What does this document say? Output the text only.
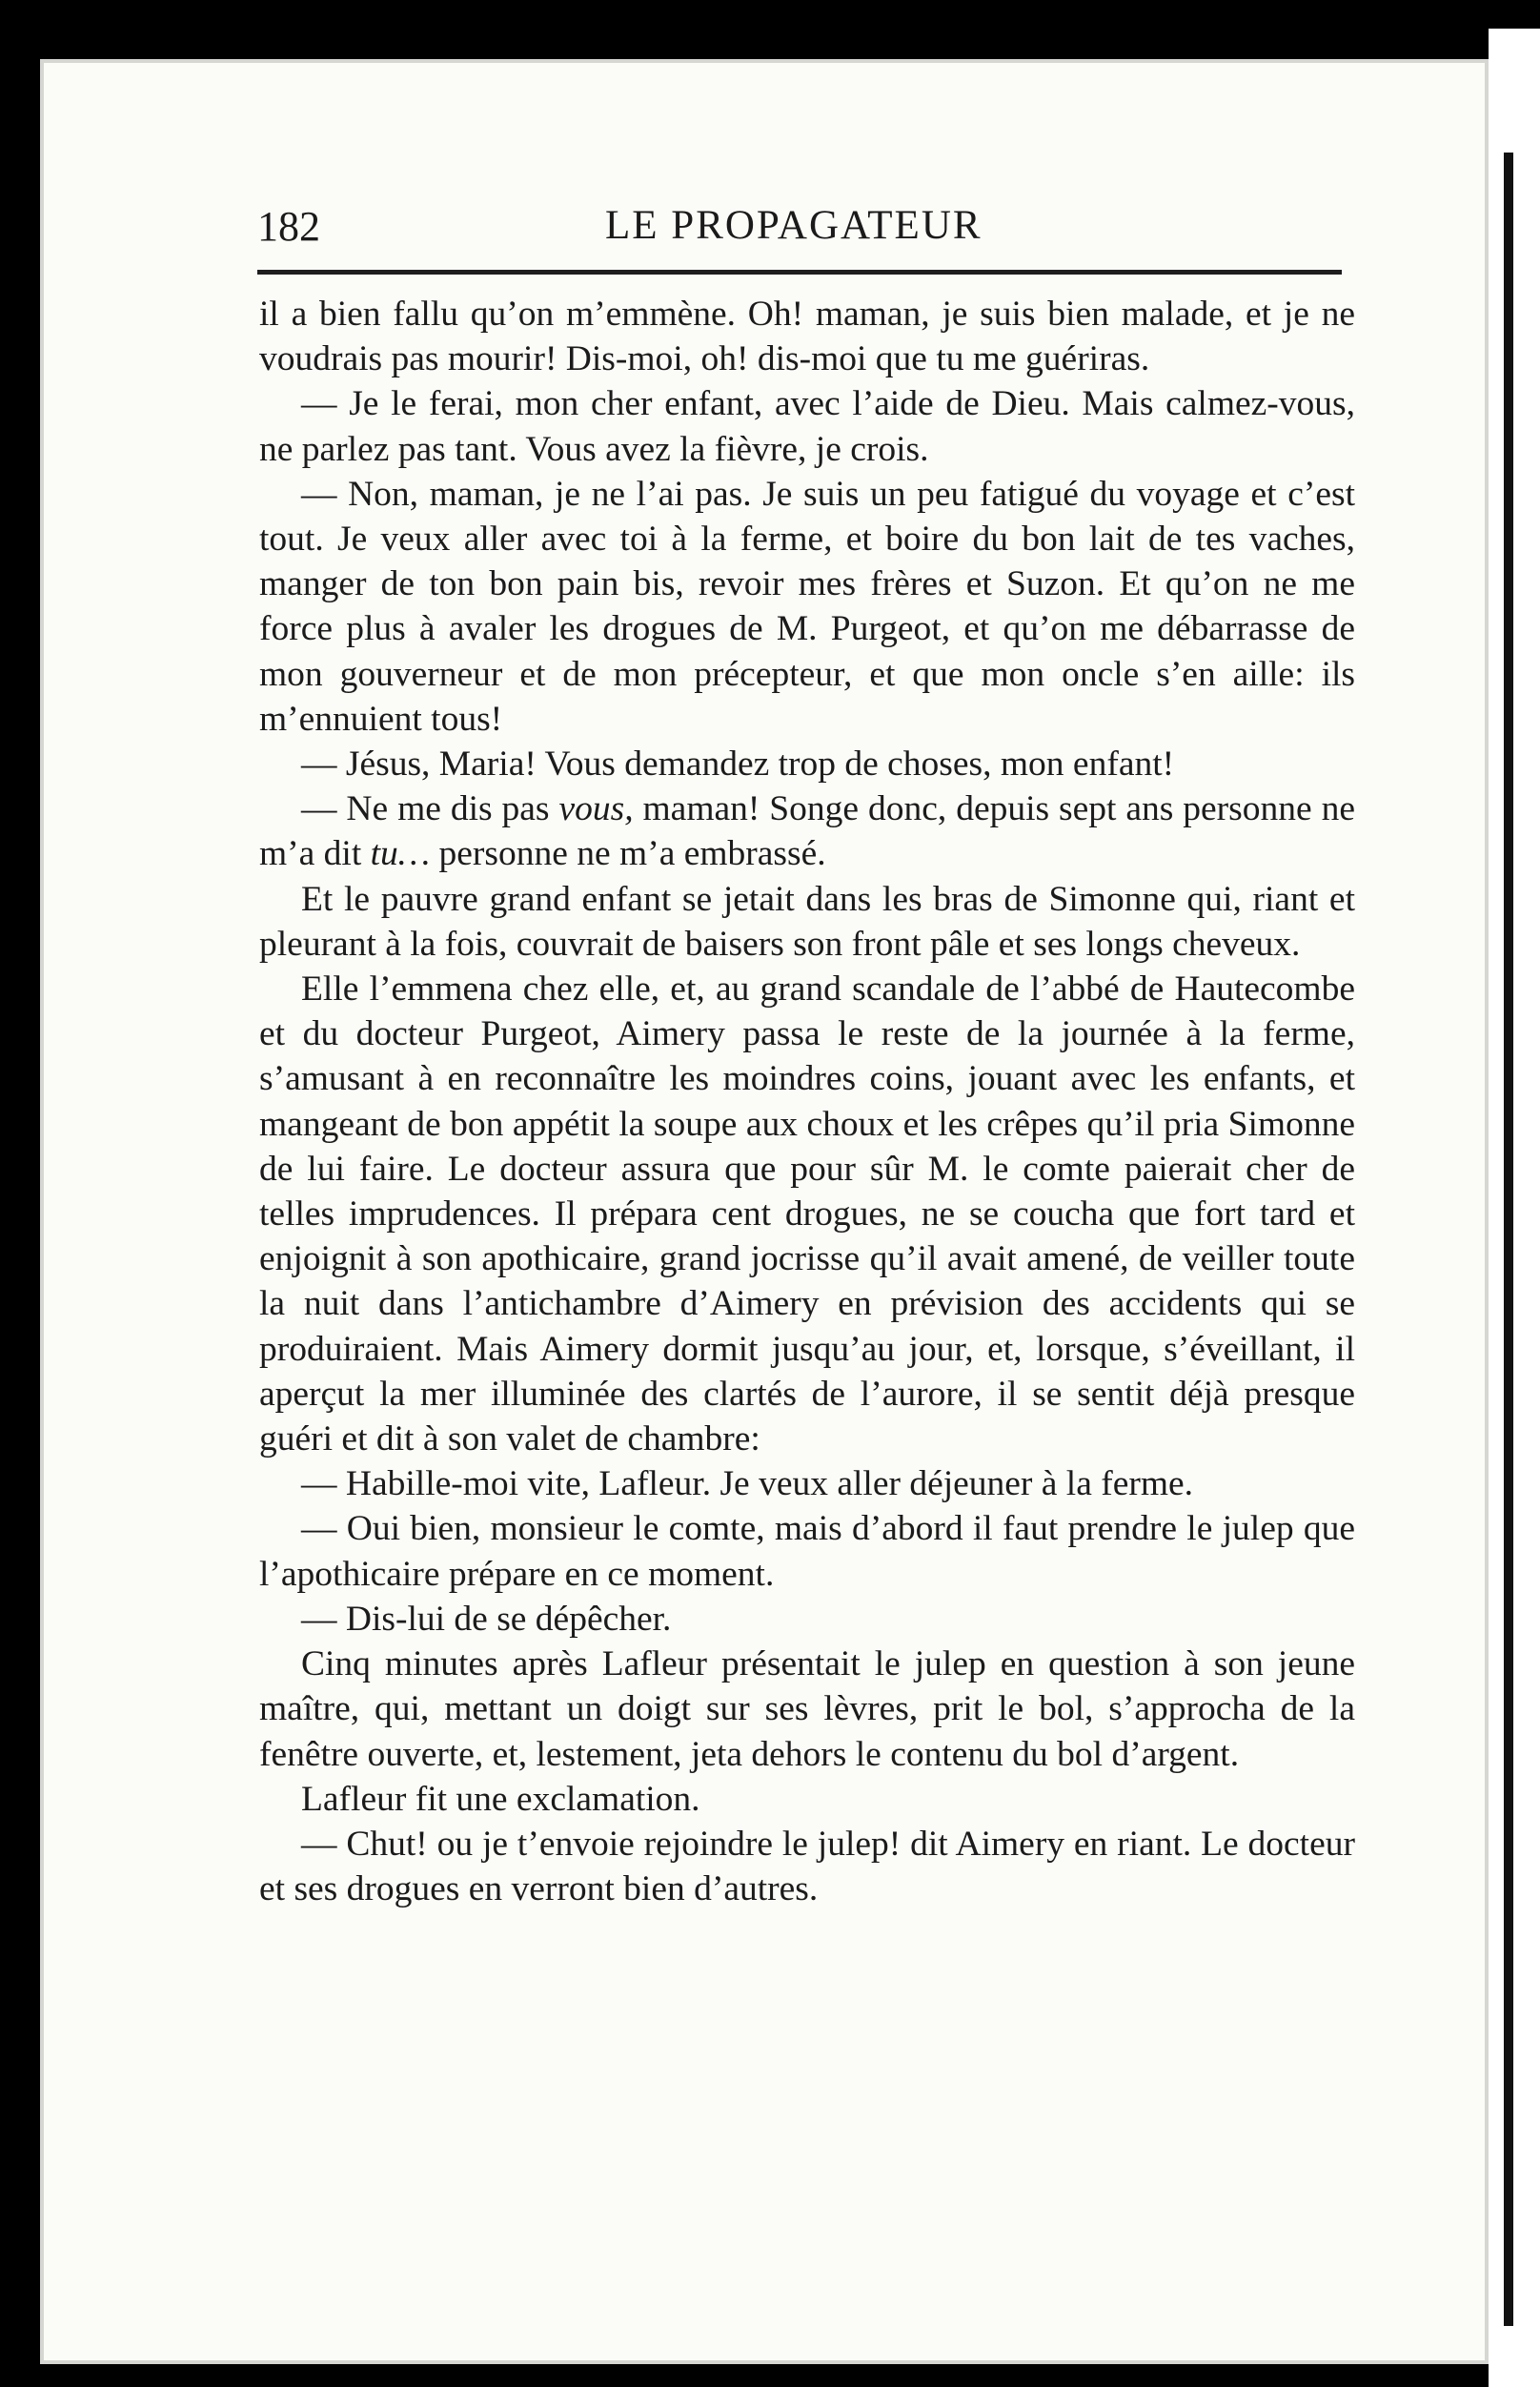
182	LE PROPAGATEUR

il a bien fallu qu’on m’emmène. Oh! maman, je suis bien malade, et je ne voudrais pas mourir! Dis-moi, oh! dis-moi que tu me guériras.

— Je le ferai, mon cher enfant, avec l’aide de Dieu. Mais calmez-vous, ne parlez pas tant. Vous avez la fièvre, je crois.

— Non, maman, je ne l’ai pas. Je suis un peu fatigué du voyage et c’est tout. Je veux aller avec toi à la ferme, et boire du bon lait de tes vaches, manger de ton bon pain bis, revoir mes frères et Suzon. Et qu’on ne me force plus à avaler les drogues de M. Purgeot, et qu’on me débarrasse de mon gouverneur et de mon précepteur, et que mon oncle s’en aille: ils m’ennuient tous!

— Jésus, Maria! Vous demandez trop de choses, mon enfant!

— Ne me dis pas vous, maman! Songe donc, depuis sept ans personne ne m’a dit tu… personne ne m’a embrassé.

Et le pauvre grand enfant se jetait dans les bras de Simonne qui, riant et pleurant à la fois, couvrait de baisers son front pâle et ses longs cheveux.

Elle l’emmena chez elle, et, au grand scandale de l’abbé de Hautecombe et du docteur Purgeot, Aimery passa le reste de la journée à la ferme, s’amusant à en reconnaître les moindres coins, jouant avec les enfants, et mangeant de bon appétit la soupe aux choux et les crêpes qu’il pria Simonne de lui faire. Le docteur assura que pour sûr M. le comte paierait cher de telles imprudences. Il prépara cent drogues, ne se coucha que fort tard et enjoignit à son apothicaire, grand jocrisse qu’il avait amené, de veiller toute la nuit dans l’antichambre d’Aimery en prévision des accidents qui se produiraient. Mais Aimery dormit jusqu’au jour, et, lorsque, s’éveillant, il aperçut la mer illuminée des clartés de l’aurore, il se sentit déjà presque guéri et dit à son valet de chambre:

— Habille-moi vite, Lafleur. Je veux aller déjeuner à la ferme.

— Oui bien, monsieur le comte, mais d’abord il faut prendre le julep que l’apothicaire prépare en ce moment.

— Dis-lui de se dépêcher.

Cinq minutes après Lafleur présentait le julep en question à son jeune maître, qui, mettant un doigt sur ses lèvres, prit le bol, s’approcha de la fenêtre ouverte, et, lestement, jeta dehors le contenu du bol d’argent.

Lafleur fit une exclamation.

— Chut! ou je t’envoie rejoindre le julep! dit Aimery en riant. Le docteur et ses drogues en verront bien d’autres.
